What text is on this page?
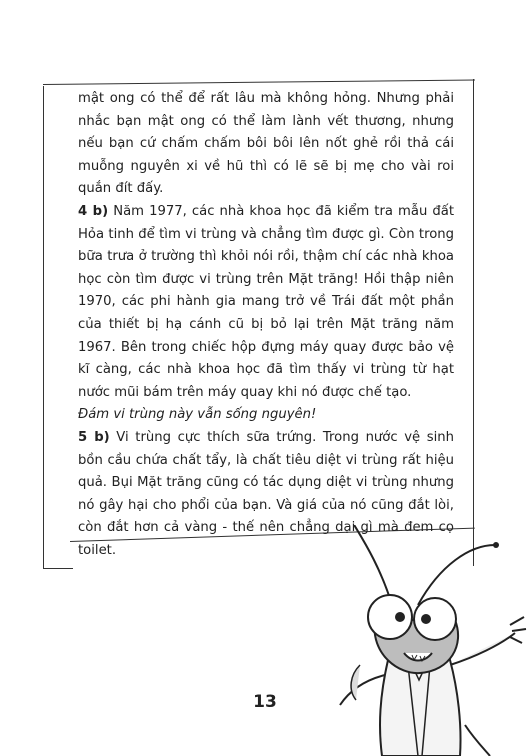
mật ong có thể để rất lâu mà không hỏng. Nhưng phải nhắc bạn mật ong có thể làm lành vết thương, nhưng nếu bạn cứ chấm chấm bôi bôi lên nốt ghẻ rồi thả cái muỗng nguyên xi về hũ thì có lẽ sẽ bị mẹ cho vài roi quắn đít đấy.

4 b) Năm 1977, các nhà khoa học đã kiểm tra mẫu đất Hỏa tinh để tìm vi trùng và chẳng tìm được gì. Còn trong bữa trưa ở trường thì khỏi nói rồi, thậm chí các nhà khoa học còn tìm được vi trùng trên Mặt trăng! Hồi thập niên 1970, các phi hành gia mang trở về Trái đất một phần của thiết bị hạ cánh cũ bị bỏ lại trên Mặt trăng năm 1967. Bên trong chiếc hộp đựng máy quay được bảo vệ kĩ càng, các nhà khoa học đã tìm thấy vi trùng từ hạt nước mũi bám trên máy quay khi nó được chế tạo.

Đám vi trùng này vẫn sống nguyên!

5 b) Vi trùng cực thích sữa trứng. Trong nước vệ sinh bồn cầu chứa chất tẩy, là chất tiêu diệt vi trùng rất hiệu quả. Bụi Mặt trăng cũng có tác dụng diệt vi trùng nhưng nó gây hại cho phổi của bạn. Và giá của nó cũng đắt lòi, còn đắt hơn cả vàng - thế nên chẳng dại gì mà đem cọ toilet.

13
